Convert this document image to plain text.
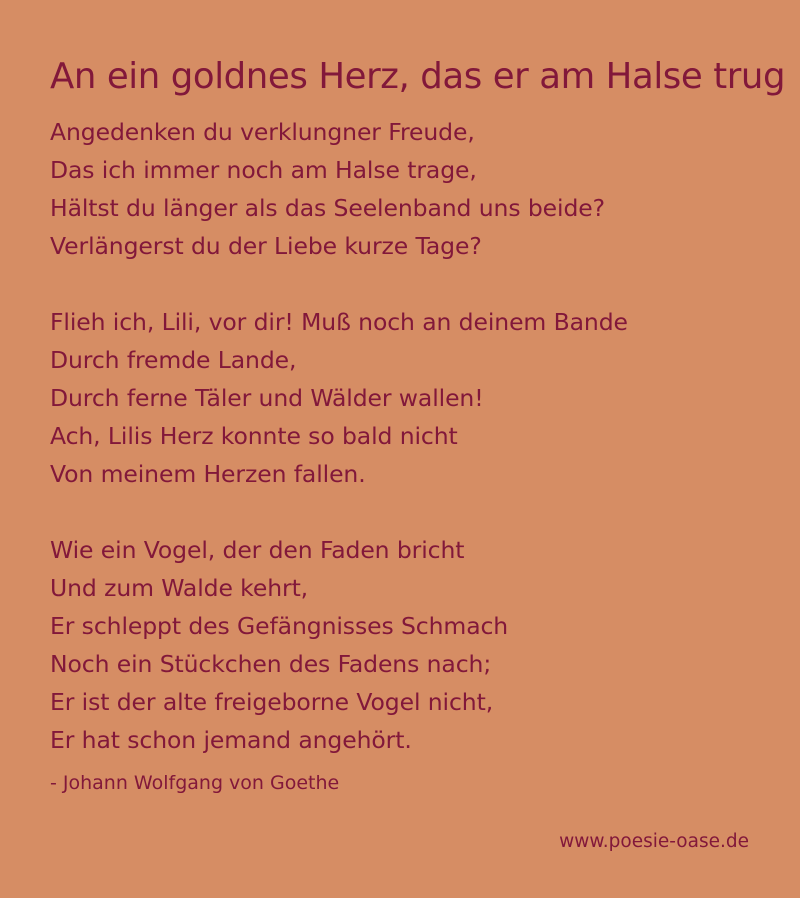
An ein goldnes Herz, das er am Halse trug
Angedenken du verklungner Freude,
Das ich immer noch am Halse trage,
Hältst du länger als das Seelenband uns beide?
Verlängerst du der Liebe kurze Tage?
Flieh ich, Lili, vor dir! Muß noch an deinem Bande
Durch fremde Lande,
Durch ferne Täler und Wälder wallen!
Ach, Lilis Herz konnte so bald nicht
Von meinem Herzen fallen.
Wie ein Vogel, der den Faden bricht
Und zum Walde kehrt,
Er schleppt des Gefängnisses Schmach
Noch ein Stückchen des Fadens nach;
Er ist der alte freigeborne Vogel nicht,
Er hat schon jemand angehört.
- Johann Wolfgang von Goethe
www.poesie-oase.de
